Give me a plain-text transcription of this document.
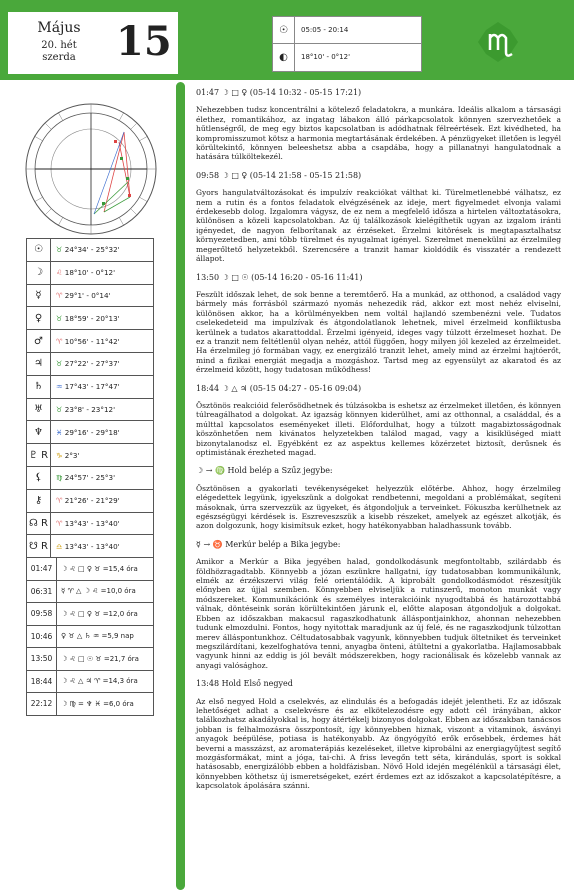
Május
20. hét
szerda	15	☉	05:05 - 20:14
◐	18°10' - 0°12'
☉	♉ 24°34' - 25°32'
☽	♌ 18°10' - 0°12'
☿	♈ 29°1' - 0°14'
♀	♉ 18°59' - 20°13'
♂	♈ 10°56' - 11°42'
♃	♉ 27°22' - 27°37'
♄	♒ 17°43' - 17°47'
♅	♉ 23°8' - 23°12'
♆	♓ 29°16' - 29°18'
♇ R	♑ 2°3'
⚸	♍ 24°57' - 25°3'
⚷	♈ 21°26' - 21°29'
☊ R	♈ 13°43' - 13°40'
☋ R	♎ 13°43' - 13°40'
01:47	☽ ♌ □ ♀ ♉ =15,4 óra
06:31	☿ ♈ △ ☽ ♌ =10,0 óra
09:58	☽ ♌ □ ♀ ♉ =12,0 óra
10:46	♀ ♉ △ ♄ ♒ =5,9 nap
13:50	☽ ♌ □ ☉ ♉ =21,7 óra
18:44	☽ ♌ △ ♃ ♈ =14,3 óra
22:12	☽ ♍ = ♆ ♓ =6,0 óra
01:47 ☽ □ ♀ (05-14 10:32 - 05-15 17:21)
Nehezebben tudsz koncentrálni a kötelező feladatokra, a munkára. Ideális alkalom a társasági élethez, romantikához, az ingatag lábakon álló párkapcsolatok könnyen szervezhetőek a hűtlenségről, de meg egy biztos kapcsolatban is adódhatnak félreértések. Ezt kivédheted, ha kompromisszumot kötsz a harmonia megtartásának érdekében. A pénzügyeket illetően is legyél körültekintő, könnyen beleeshetsz abba a csapdába, hogy a pillanatnyi hangulatodnak a hatására túlköltekezél.
09:58 ☽ □ ♀ (05-14 21:58 - 05-15 21:58)
Gyors hangulatváltozásokat és impulzív reakciókat válthat ki. Türelmetlenebbé válhatsz, ez nem a rutin és a fontos feladatok elvégzésének az ideje, mert figyelmedet elvonja valami érdekesebb dolog. Izgalomra vágysz, de ez nem a megfelelő idősza a hirtelen változtatásokra, különösen a közeli kapcsolatokban. Az új találkozások kielégíthetik ugyan az izgalom iránti igényedet, de nagyon felborítanak az érzéseket. Érzelmi kitörések is megtapasztalhatsz környezetedben, ami több türelmet és nyugalmat igényel. Szerelmet menekülni az érzelmileg megerőltető helyzetekből. Szerencsére a tranzit hamar kioldódik és visszatér a rendezett állapot.
13:50 ☽ □ ☉ (05-14 16:20 - 05-16 11:41)
Feszült időszak lehet, de sok benne a teremtőerő. Ha a munkád, az otthonod, a családod vagy bármely más forrásból származó nyomás nehezedik rád, akkor ezt most nehéz elviselni, különösen akkor, ha a körülményekben nem voltál hajlandó szembenézni vele. Tudatos cselekedeteid ma impulzívak és átgondolatlanok lehetnek, mivel érzelmeid konfliktusba kerülnek a tudatos akarattoddal. Érzelmi igényeid, ideges vagy túlzott érzelmeset hozhat. De ez a tranzit nem feltétlenül olyan nehéz, attól függően, hogy milyen jól kezeled az érzelmeidet. Ha érzelmileg jó formában vagy, ez energizáló tranzit lehet, amely mind az érzelmi hajtóerőt, mind a fizikai energiát megadja a mozgáshoz. Tartsd meg az egyensúlyt az akaratod és az érzelmeid között, hogy tudatosan működhess!
18:44 ☽ △ ♃ (05-15 04:27 - 05-16 09:04)
Ösztönös reakcióid felerősödhetnek és túlzásokba is eshetsz az érzelmeket illetően, és könnyen túlreagálhatod a dolgokat. Az igazság könnyen kiderülhet, ami az otthonnal, a családdal, és a múlttal kapcsolatos eseményeket illeti. Előfordulhat, hogy a túlzott magabiztosságodnak köszönhetően nem kivánatos helyzetekben találod magad, vagy a kisiklüséged miatt bizonytalanodsz el. Egyébként ez az aspektus kellemes közérzetet biztosít, derűsnek és optimistának érezheted magad.
☽ → ♍ Hold belép a Szűz jegybe:
Ösztönösen a gyakorlati tevékenységeket helyezzük előtérbe. Ahhoz, hogy érzelmileg elégedettek legyünk, igyekszünk a dolgokat rendbetenni, megoldani a problémákat, segíteni másoknak, úrra szervezzük az ügyeket, és átgondoljuk a terveinket. Fókuszba kerülhetnek az egészségügyi kérdések is. Eszreveszszük a kisebb részeket, amelyek az egészet alkotják, és azon dolgozunk, hogy kisimítsuk ezket, hogy hatékonyabban haladhassunk tovább.
☿ → ♉ Merkúr belép a Bika jegybe:
Amikor a Merkúr a Bika jegyében halad, gondolkodásunk megfontoltabb, szilárdabb és földhözragadtabb. Könnyebb a józan eszünkre hallgatni, így tudatosabban kommunikálunk, elmék az érzékszervi világ felé orientálódik. A kiprobált gondolkodásmódot részesítjük előnyben az újjal szemben. Könnyebben elviseljük a rutinszerű, monoton munkát vagy módszereket. Kommunikációnk és személyes interakcióink nyugodtabbá és határozottabbá válnak, döntéseink során körültekintően járunk el, előtte alaposan átgondoljuk a dolgokat. Ebben az időszakban makacsul ragaszkodhatunk álláspontjainkhoz, ahonnan nehezebben tudunk elmozdulni. Fontos, hogy nyitottak maradjunk az új felé, és ne ragaszkodjunk túlzottan merev álláspontunkhoz. Céltudatosabbak vagyunk, könnyebben tudjuk öltetniket és terveinket megszilárdítani, kezelfoghatóva tenni, anyagba önteni, átültetni a gyakorlatba. Hajlamosabbak vagyunk hinni az eddig is jól bevált módszerekben, hogy racionálisak és közelebb vannak az anyagi valósághoz.
13:48 Hold Első negyed
Az első negyed Hold a cselekvés, az elindulás és a befogadás idejét jelentheti. Ez az időszak lehetőséget adhat a cselekvésre és az elkötelezodésre egy adott cél irányában, akkor találkozhatsz akadályokkal is, hogy átértékelj bizonyos dolgokat. Ebben az időszakban tanácsos jobban is felhalmozásra összpontosít, így könnyebben hiznak, viszont a vitaminok, ásványi anyagok beépülése, potiasa is hatékonyabb. Az öngyógyító erők erősebbek, érdemes hát beverni a masszázst, az aromaterápiás kezeléseket, illetve kiprobálni az energiagyűjtest segítő mozgásformákat, mint a jóga, tai-chi. A friss levegőn tett séta, kirándulás, sport is sokkal hatásosabb, energizálóbb ebben a holdfázisban. Növő Hold idején megélénkül a társasági élet, könnyebben köthetsz új ismeretségeket, ezért érdemes ezt az időszakot a kapcsolatépítésre, a kapcsolatok ápolására szánni.
